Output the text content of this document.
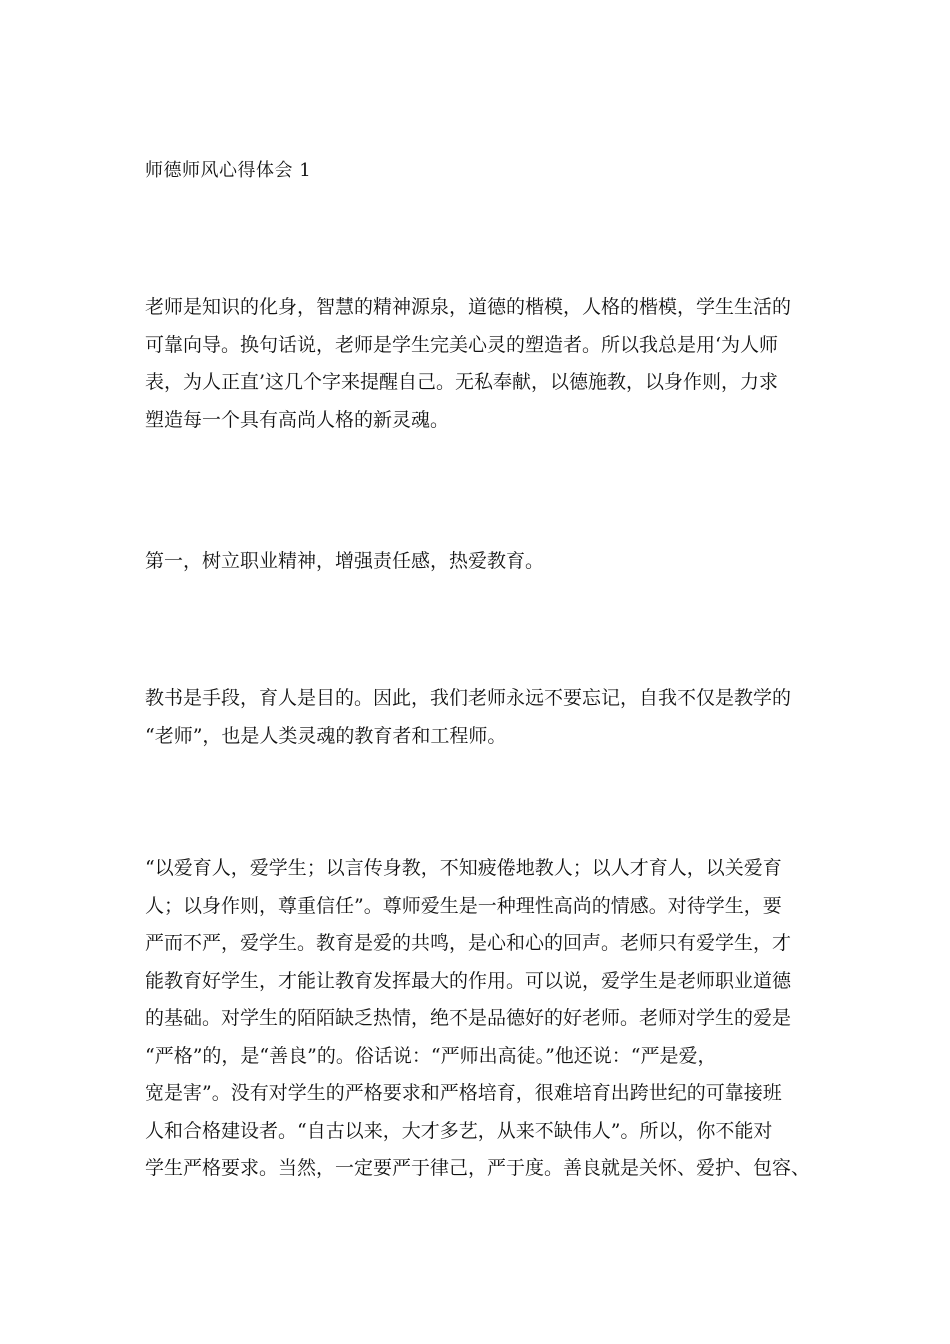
师德师风心得体会 1
老师是知识的化身，智慧的精神源泉，道德的楷模，人格的楷模，学生生活的
可靠向导。换句话说，老师是学生完美心灵的塑造者。所以我总是用‘为人师
表，为人正直’这几个字来提醒自己。无私奉献，以德施教，以身作则，力求
塑造每一个具有高尚人格的新灵魂。
第一，树立职业精神，增强责任感，热爱教育。
教书是手段，育人是目的。因此，我们老师永远不要忘记，自我不仅是教学的
“老师”，也是人类灵魂的教育者和工程师。
“以爱育人，爱学生；以言传身教，不知疲倦地教人；以人才育人，以关爱育
人；以身作则，尊重信任”。尊师爱生是一种理性高尚的情感。对待学生，要
严而不严，爱学生。教育是爱的共鸣，是心和心的回声。老师只有爱学生，才
能教育好学生，才能让教育发挥最大的作用。可以说，爱学生是老师职业道德
的基础。对学生的陌陌缺乏热情，绝不是品德好的好老师。老师对学生的爱是
“严格”的，是“善良”的。俗话说：“严师出高徒。”他还说：“严是爱，
宽是害”。没有对学生的严格要求和严格培育，很难培育出跨世纪的可靠接班
人和合格建设者。“自古以来，大才多艺，从来不缺伟人”。所以，你不能对
学生严格要求。当然，一定要严于律己，严于度。善良就是关怀、爱护、包容、
